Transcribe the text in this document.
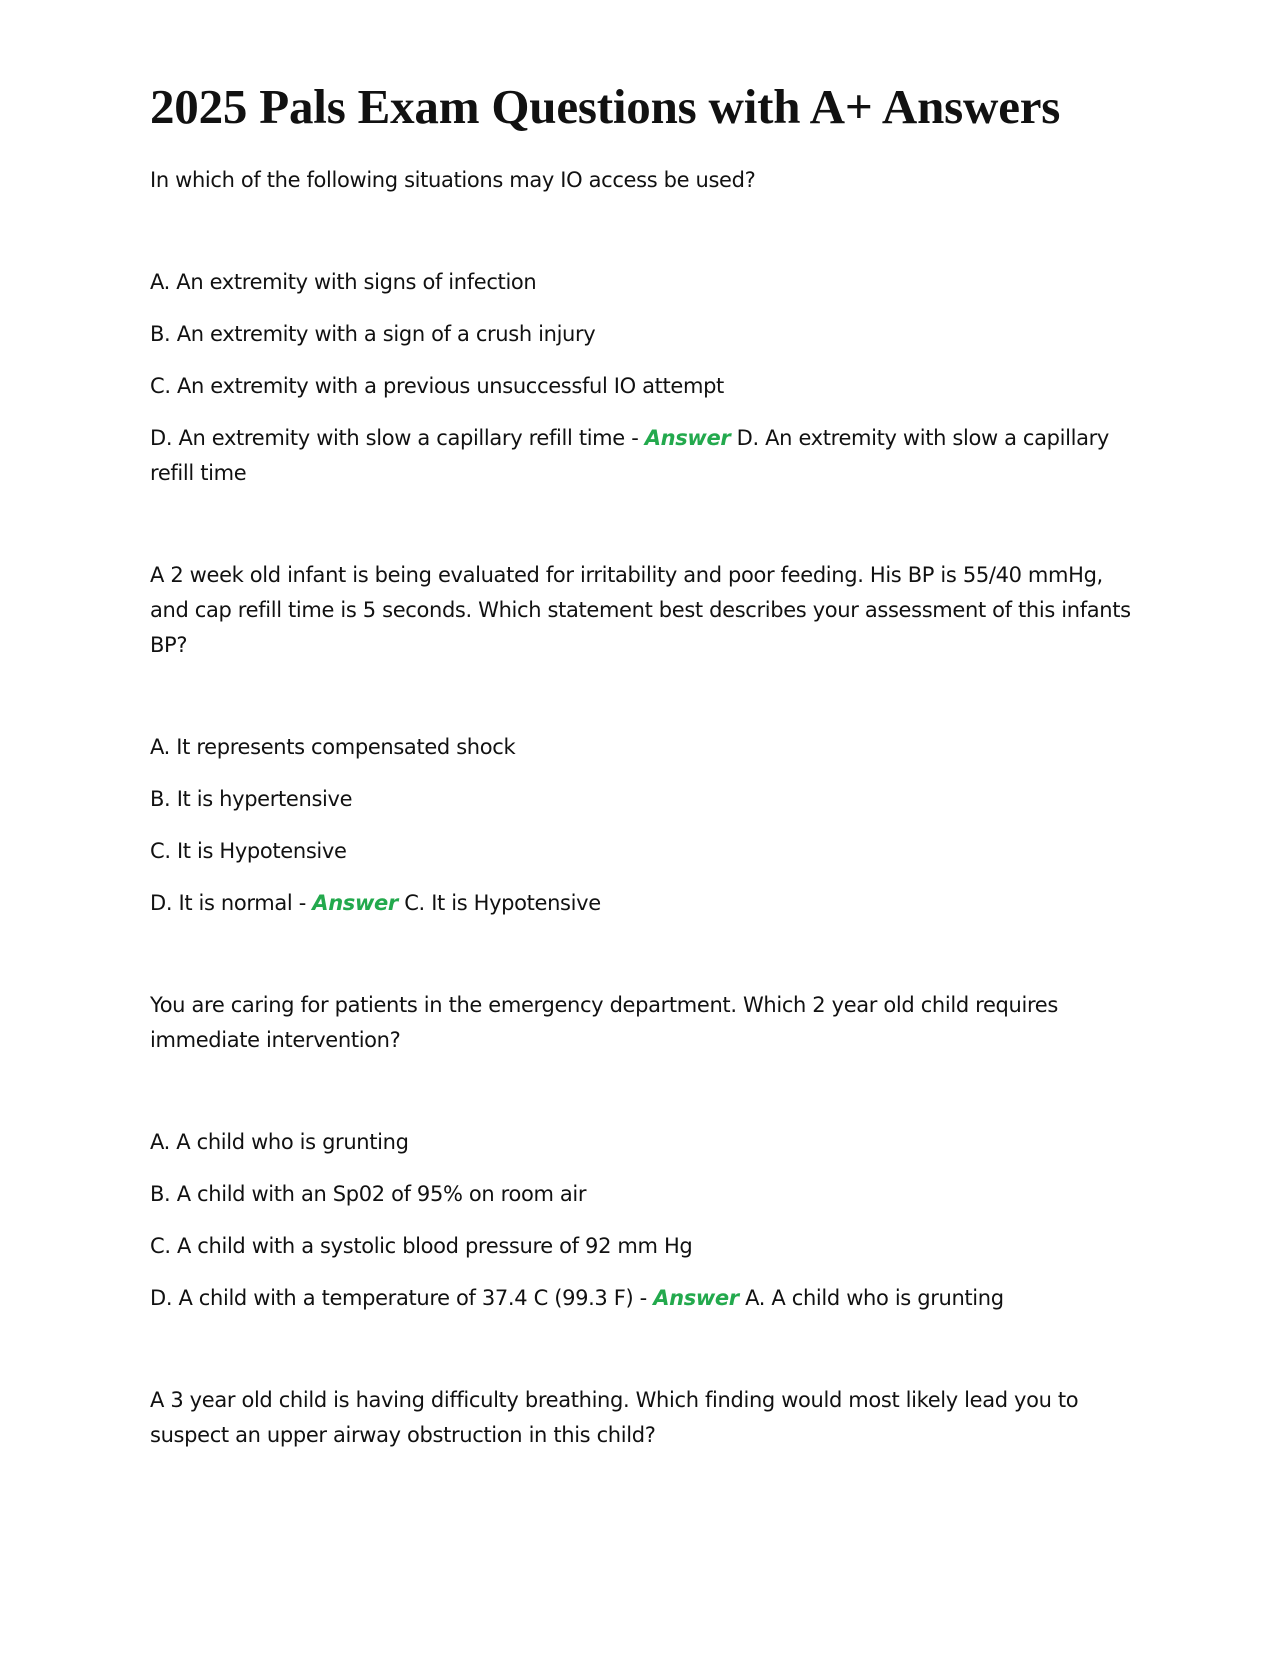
2025 Pals Exam Questions with A+ Answers

In which of the following situations may IO access be used?

A. An extremity with signs of infection

B. An extremity with a sign of a crush injury

C. An extremity with a previous unsuccessful IO attempt

D. An extremity with slow a capillary refill time - Answer D. An extremity with slow a capillary refill time

A 2 week old infant is being evaluated for irritability and poor feeding. His BP is 55/40 mmHg, and cap refill time is 5 seconds. Which statement best describes your assessment of this infants BP?

A. It represents compensated shock

B. It is hypertensive

C. It is Hypotensive

D. It is normal - Answer C. It is Hypotensive

You are caring for patients in the emergency department. Which 2 year old child requires immediate intervention?

A. A child who is grunting

B. A child with an Sp02 of 95% on room air

C. A child with a systolic blood pressure of 92 mm Hg

D. A child with a temperature of 37.4 C (99.3 F) - Answer A. A child who is grunting

A 3 year old child is having difficulty breathing. Which finding would most likely lead you to suspect an upper airway obstruction in this child?
